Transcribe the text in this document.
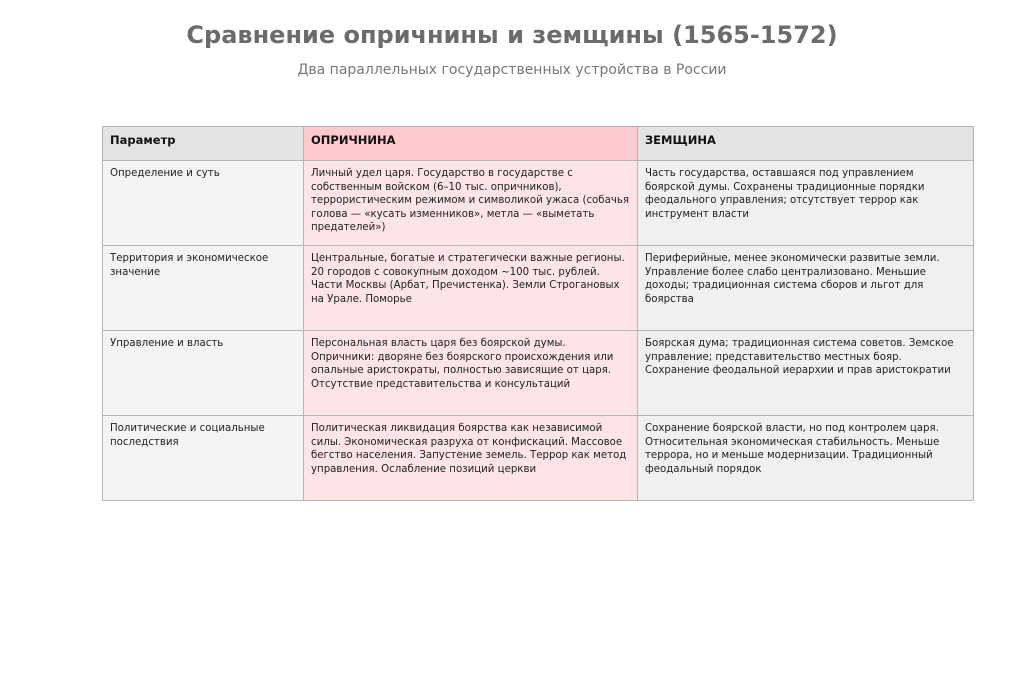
Сравнение опричнины и земщины (1565-1572)
Два параллельных государственных устройства в России
Параметр	ОПРИЧНИНА	ЗЕМЩИНА
Определение и суть	Личный удел царя. Государство в государстве с собственным войском (6–10 тыс. опричников), террористическим режимом и символикой ужаса (собачья голова — «кусать изменников», метла — «выметать предателей»)	Часть государства, оставшаяся под управлением боярской думы. Сохранены традиционные порядки феодального управления; отсутствует террор как инструмент власти
Территория и экономическое значение	Центральные, богатые и стратегически важные регионы. 20 городов с совокупным доходом ~100 тыс. рублей. Части Москвы (Арбат, Пречистенка). Земли Строгановых на Урале. Поморье	Периферийные, менее экономически развитые земли. Управление более слабо централизовано. Меньшие доходы; традиционная система сборов и льгот для боярства
Управление и власть	Персональная власть царя без боярской думы. Опричники: дворяне без боярского происхождения или опальные аристократы, полностью зависящие от царя. Отсутствие представительства и консультаций	Боярская дума; традиционная система советов. Земское управление; представительство местных бояр. Сохранение феодальной иерархии и прав аристократии
Политические и социальные последствия	Политическая ликвидация боярства как независимой силы. Экономическая разруха от конфискаций. Массовое бегство населения. Запустение земель. Террор как метод управления. Ослабление позиций церкви	Сохранение боярской власти, но под контролем царя. Относительная экономическая стабильность. Меньше террора, но и меньше модернизации. Традиционный феодальный порядок
